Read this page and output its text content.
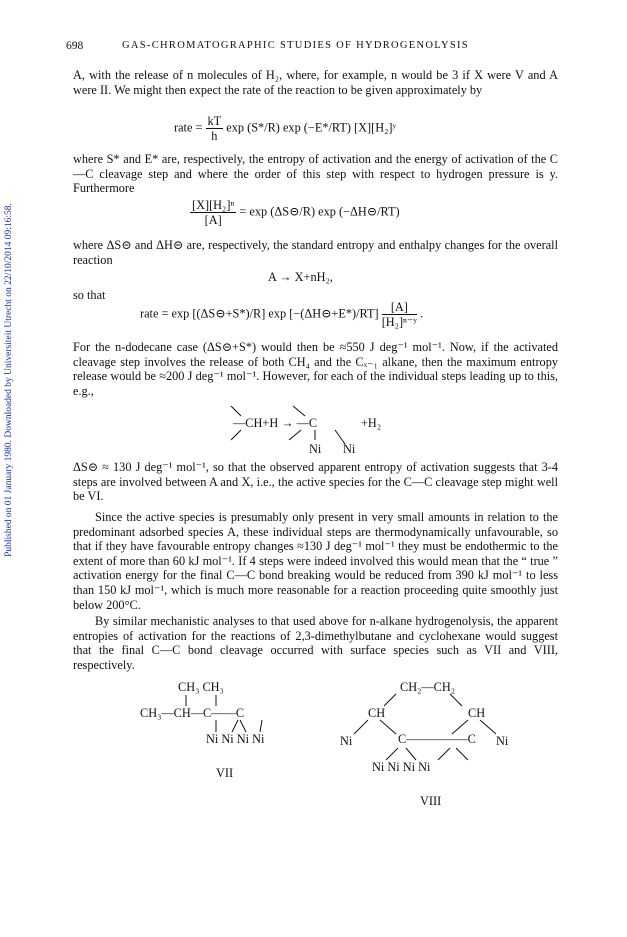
Published on 01 January 1980. Downloaded by Universiteit Utrecht on 22/10/2014 09:16:58.
698	GAS-CHROMATOGRAPHIC STUDIES OF HYDROGENOLYSIS
A, with the release of n molecules of H₂, where, for example, n would be 3 if X were V and A were II. We might then expect the rate of the reaction to be given approximately by
rate = $\frac{kT}{h}$ exp (S*/R) exp (−E*/RT) [X][H₂]ʸ
where S* and E* are, respectively, the entropy of activation and the energy of activation of the C—C cleavage step and where the order of this step with respect to hydrogen pressure is y. Furthermore
$\frac{\text{[X][H₂]ⁿ}}{[A]} = \exp$ (ΔS⊝/R) exp (−ΔH⊝/RT)
where ΔS⊝ and ΔH⊝ are, respectively, the standard entropy and enthalpy changes for the overall reaction
A → X+nH₂,
so that
rate = exp [(ΔS⊝+S*)/R] exp [−(ΔH⊝+E*)/RT] $\frac{[A]}{\text{[H₂]ⁿ⁻ʸ}}$ .
For the n-dodecane case (ΔS⊝+S*) would then be ≈550 J deg⁻¹ mol⁻¹. Now, if the activated cleavage step involves the release of both CH₄ and the Cₓ₋₁ alkane, then the maximum entropy release would be ≈200 J deg⁻¹ mol⁻¹. However, for each of the individual steps leading up to this, e.g.,
—CH+H → —C	+H₂
Ni Ni
ΔS⊝ ≈ 130 J deg⁻¹ mol⁻¹, so that the observed apparent entropy of activation suggests that 3-4 steps are involved between A and X, i.e., the active species for the C—C cleavage step might well be VI.
Since the active species is presumably only present in very small amounts in relation to the predominant adsorbed species A, these individual steps are thermodynamically unfavourable, so that if they have favourable entropy changes ≈130 J deg⁻¹ mol⁻¹ they must be endothermic to the extent of more than 60 kJ mol⁻¹. If 4 steps were indeed involved this would mean that the “ true ” activation energy for the final C—C bond breaking would be reduced from 390 kJ mol⁻¹ to less than 150 kJ mol⁻¹, which is much more reasonable for a reaction proceeding quite smoothly just below 200°C.
By similar mechanistic analyses to that used above for n-alkane hydrogenolysis, the apparent entropies of activation for the reactions of 2,3-dimethylbutane and cyclohexane would suggest that the final C—C bond cleavage occurred with surface species such as VII and VIII, respectively.
CH₃ CH₃
CH₃—CH—C——C
Ni Ni Ni Ni
VII
CH₂—CH₂
CH	CH
Ni	C—————C Ni
Ni Ni Ni Ni
VIII
